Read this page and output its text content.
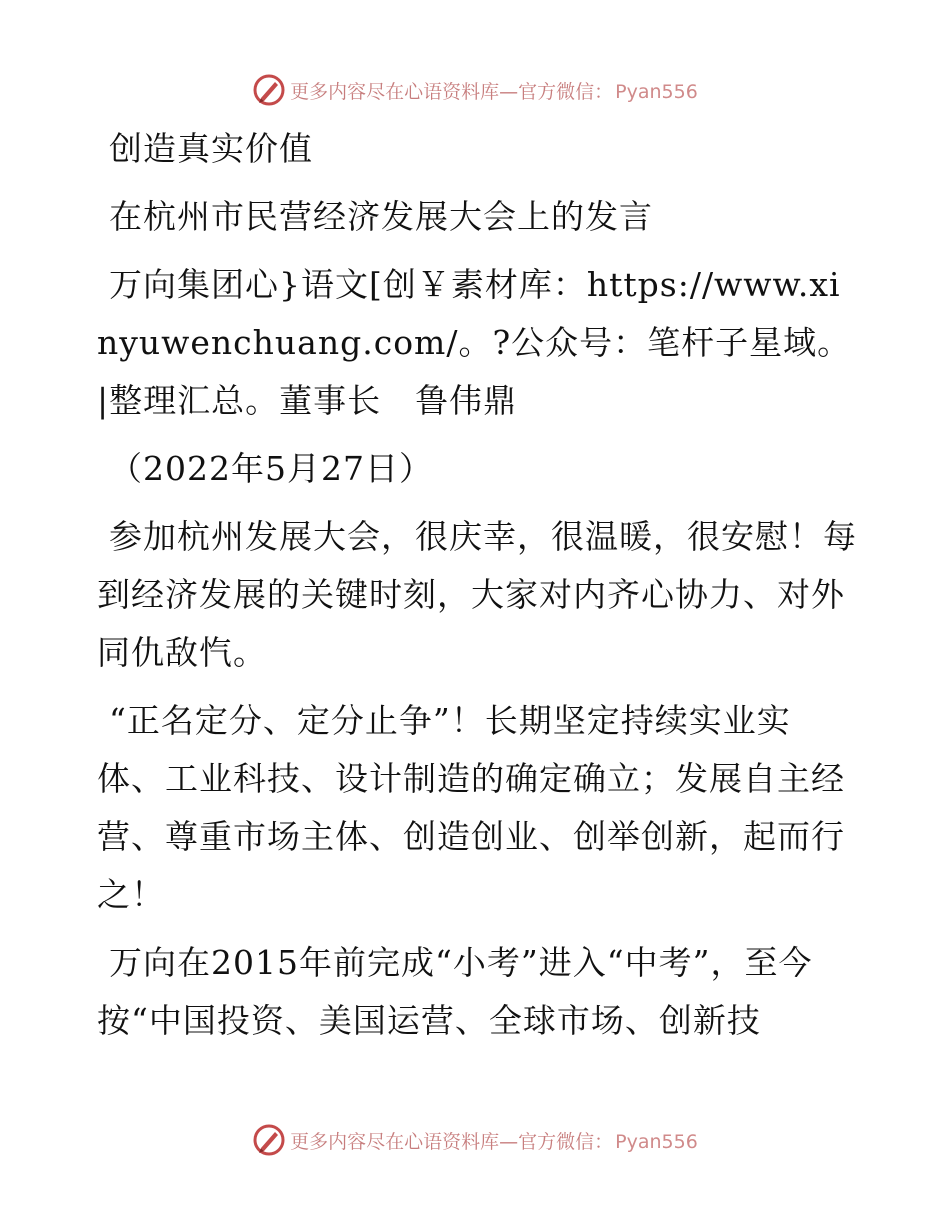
更多内容尽在心语资料库—官方微信： Pyan556

创造真实价值

在杭州市民营经济发展大会上的发言

万向集团心}语文[创￥素材库：https://www.xinyuwenchuang.com/。?公众号：笔杆子星域。|整理汇总。董事长　鲁伟鼎

（2022年5月27日）

参加杭州发展大会，很庆幸，很温暖，很安慰！每到经济发展的关键时刻，大家对内齐心协力、对外同仇敌忾。

“正名定分、定分止争”！长期坚定持续实业实体、工业科技、设计制造的确定确立；发展自主经营、尊重市场主体、创造创业、创举创新，起而行之！

万向在2015年前完成“小考”进入“中考”，至今按“中国投资、美国运营、全球市场、创新技

更多内容尽在心语资料库—官方微信： Pyan556
